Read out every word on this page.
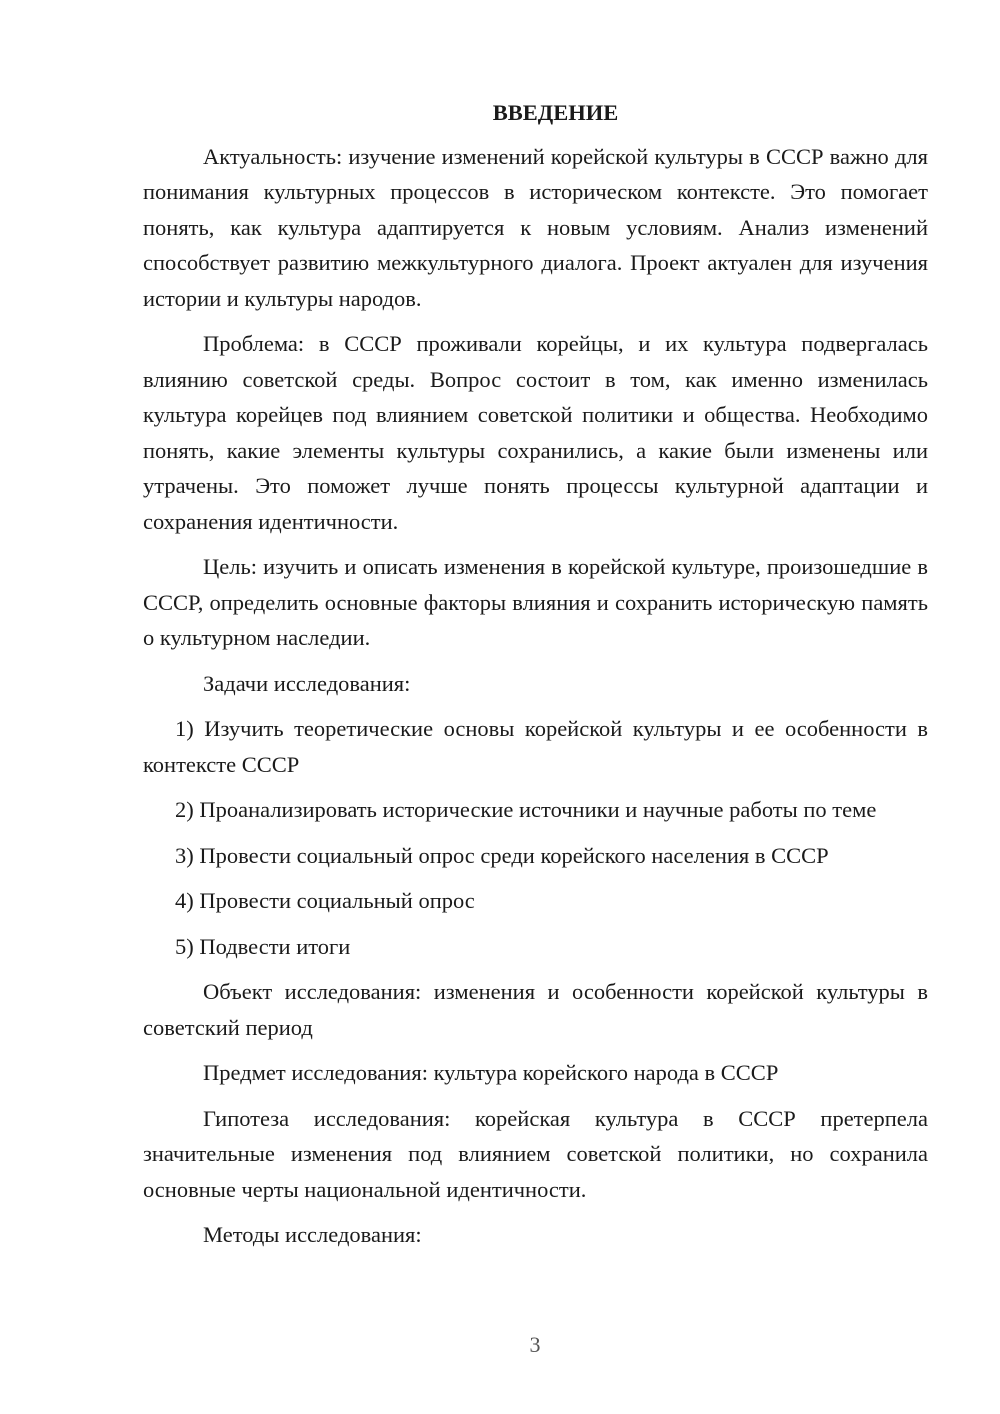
ВВЕДЕНИЕ

Актуальность: изучение изменений корейской культуры в СССР важно для понимания культурных процессов в историческом контексте. Это помогает понять, как культура адаптируется к новым условиям. Анализ изменений способствует развитию межкультурного диалога. Проект актуален для изучения истории и культуры народов.

Проблема: в СССР проживали корейцы, и их культура подвергалась влиянию советской среды. Вопрос состоит в том, как именно изменилась культура корейцев под влиянием советской политики и общества. Необходимо понять, какие элементы культуры сохранились, а какие были изменены или утрачены. Это поможет лучше понять процессы культурной адаптации и сохранения идентичности.

Цель: изучить и описать изменения в корейской культуре, произошедшие в СССР, определить основные факторы влияния и сохранить историческую память о культурном наследии.

Задачи исследования:

1) Изучить теоретические основы корейской культуры и ее особенности в контексте СССР
2) Проанализировать исторические источники и научные работы по теме
3) Провести социальный опрос среди корейского населения в СССР
4) Провести социальный опрос
5) Подвести итоги

Объект исследования: изменения и особенности корейской культуры в советский период

Предмет исследования: культура корейского народа в СССР

Гипотеза исследования: корейская культура в СССР претерпела значительные изменения под влиянием советской политики, но сохранила основные черты национальной идентичности.

Методы исследования:

3
